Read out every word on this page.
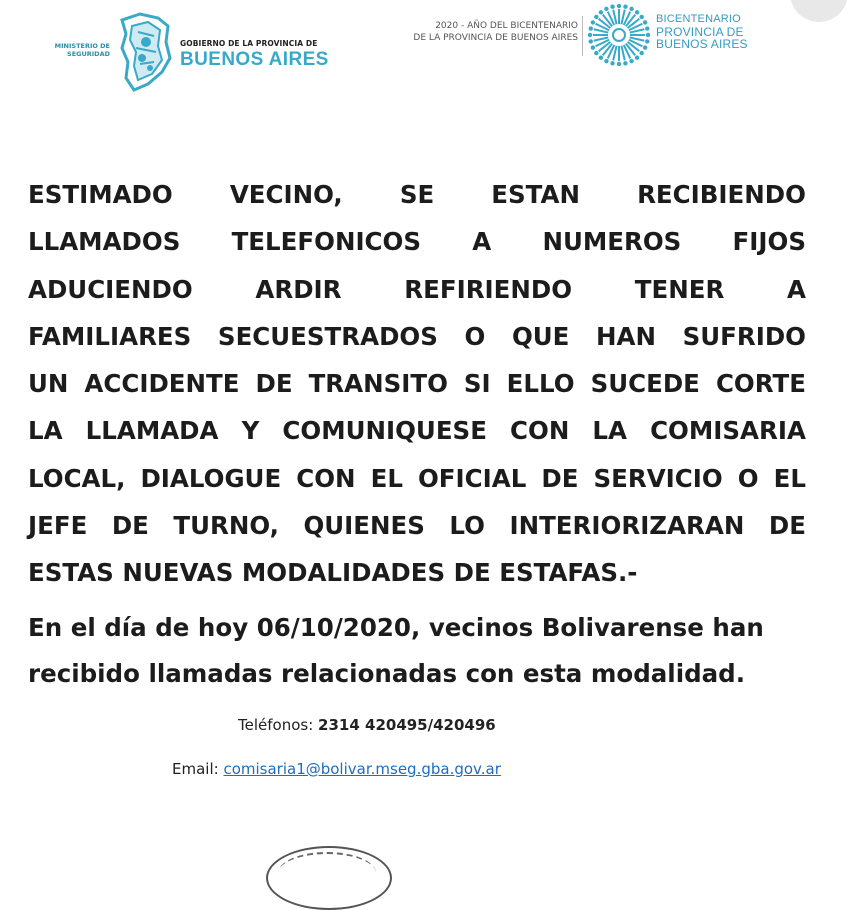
MINISTERIO DE
SEGURIDAD
GOBIERNO DE LA PROVINCIA DE
BUENOS AIRES
2020 - AÑO DEL BICENTENARIO
DE LA PROVINCIA DE BUENOS AIRES
BICENTENARIO
PROVINCIA DE
BUENOS AIRES
ESTIMADO VECINO, SE ESTAN RECIBIENDO
LLAMADOS TELEFONICOS A NUMEROS FIJOS
ADUCIENDO	ARDIR	REFIRIENDO	TENER	A
FAMILIARES SECUESTRADOS O QUE HAN SUFRIDO
UN ACCIDENTE DE TRANSITO SI ELLO SUCEDE CORTE
LA LLAMADA Y COMUNIQUESE CON LA COMISARIA
LOCAL, DIALOGUE CON EL OFICIAL DE SERVICIO O EL
JEFE DE TURNO, QUIENES LO INTERIORIZARAN DE
ESTAS NUEVAS MODALIDADES DE ESTAFAS.-
En el día de hoy 06/10/2020, vecinos Bolivarense han
recibido llamadas relacionadas con esta modalidad.
Teléfonos: 2314 420495/420496
Email: comisaria1@bolivar.mseg.gba.gov.ar
